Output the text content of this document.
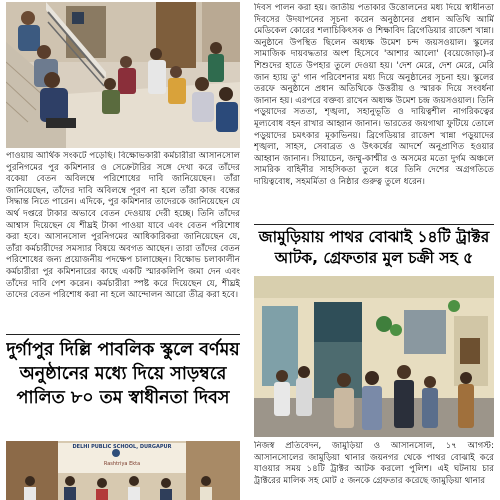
পাওয়ায় আর্থিক সংকটে পড়েছি। বিক্ষোভকারী কর্মচারীরা আসানসোল পুরনিগমের পুর কমিশনার ও সেক্রেটারির সঙ্গে দেখা করে তাঁদের বকেয়া বেতন অবিলম্বে পরিশোধের দাবি জানিয়েছেন। তাঁরা জানিয়েছেন, তাঁদের দাবি অবিলম্বে পূরণ না হলে তাঁরা কাজ বন্ধের সিদ্ধান্ত নিতে পারেন। এদিকে, পুর কমিশনার তাদেরকে জানিয়েছেন যে অর্থ দপ্তরে টাকার অভাবে বেতন দেওয়ায় দেরী হচ্ছে। তিনি তাঁদের আশ্বাস দিয়েছেন যে শীঘ্রই টাকা পাওয়া যাবে এবং বেতন পরিশোধ করা হবে। আসানসোল পুরনিগমের আধিকারিকরা জানিয়েছেন যে, তাঁরা কর্মচারীদের সমস্যার বিষয়ে অবগত আছেন। তারা তাঁদের বেতন পরিশোধের জন্য প্রয়োজনীয় পদক্ষেপ চালাচ্ছেন। বিক্ষোভ চলাকালীন কর্মচারীরা পুর কমিশনারের কাছে একটি স্মারকলিপি জমা দেন এবং তাঁদের দাবি পেশ করেন। কর্মচারীরা স্পষ্ট করে দিয়েছেন যে, শীঘ্রই তাদের বেতন পরিশোধ করা না হলে আন্দোলন আরো তীব্র করা হবে।
দুর্গাপুর দিল্লি পাবলিক স্কুলে বর্ণময় অনুষ্ঠানের মধ্যে দিয়ে সাড়ম্বরে পালিত ৮০ তম স্বাধীনতা দিবস
DELHI PUBLIC SCHOOL, DURGAPUR
Rashtriya Ekta
দিবস পালন করা হয়। জাতীয় পতাকার উত্তোলনের মধ্য দিয়ে স্বাধীনতা দিবসের উদযাপনের সূচনা করেন অনুষ্ঠানের প্রধান অতিথি আর্মি মেডিকেল কোরের শলাচিকিৎসক ও শিক্ষাবিদ ব্রিগেডিয়ার রাজেশ খান্না। অনুষ্ঠানে উপস্থিত ছিলেন অধ্যক্ষ উমেশ চন্দ জয়সওয়াল। স্কুলের সামাজিক দায়বদ্ধতার অংশ হিসেবে 'আশার আলো' (বয়েজোড়া)-র শিশুদের হাতে উপহার তুলে দেওয়া হয়। 'দেশ মেরে, দেশ মেরে, মেরি জান হ্যায় তু' গান পরিবেশনার মধ্য দিয়ে অনুষ্ঠানের সূচনা হয়। স্কুলের তরফে অনুষ্ঠানে প্রধান অতিথিকে উত্তরীয় ও স্মারক দিয়ে সংবর্ধনা জানান হয়। এরপরে বক্তব্য রাখেন অধ্যক্ষ উমেশ চন্দ্র জয়সওয়াল। তিনি পড়ুয়াদের সততা, শৃঙ্খলা, সহানুভূতি ও দায়িত্বশীল নাগরিকত্বের মূল্যবোধ বহন রাখার আহ্বান জানান। ভারতের জয়গাথা ফুটিয়ে তোলে পড়ুয়াদের চমৎকার মূকাভিনয়। ব্রিগেডিয়ার রাজেশ খান্না পড়ুয়াদের শৃঙ্খলা, সাহস, সেবাব্রত ও উৎকর্ষের আদর্শে অনুপ্রাণিত হওয়ার আহ্বান জানান। সিয়াচেন, জম্মু-কাশ্মীর ও অসমের মতো দুর্গম অঞ্চলে সামরিক বাহিনীর সাহসিকতা তুলে ধরে তিনি দেশের অগ্রগতিতে দায়িত্ববোধ, সহমর্মিতা ও নিষ্ঠার গুরুত্ব তুলে ধরেন।
জামুড়িয়ায় পাথর বোঝাই ১৪টি ট্রাক্টর আটক, গ্রেফতার মুল চক্রী সহ ৫
নিজস্ব প্রতিবেদন, জামুড়িয়া ও আসানসোল, ১৭ আগস্ট: আসানসোলের জামুড়িয়া থানার জয়নগর থেকে পাথর বোঝাই করে যাওয়ার সময় ১৪টি ট্রাক্টর আটক করলো পুলিশ। এই ঘটনায় চার ট্রাক্টরের মালিক সহ মোট ৫ জনকে গ্রেফতার করেছে জামুড়িয়া থানার
